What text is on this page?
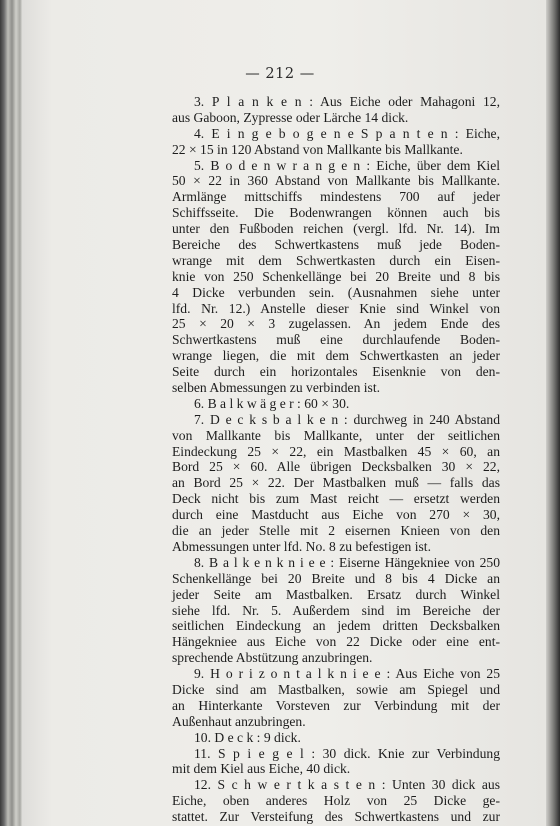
— 212 —
3. P l a n k e n : Aus Eiche oder Mahagoni 12,
aus Gaboon, Zypresse oder Lärche 14 dick.
4. E i n g e b o g e n e S p a n t e n : Eiche,
22 × 15 in 120 Abstand von Mallkante bis Mallkante.
5. B o d e n w r a n g e n : Eiche, über dem Kiel
50 × 22 in 360 Abstand von Mallkante bis Mallkante.
Armlänge mittschiffs mindestens 700 auf jeder
Schiffsseite. Die Bodenwrangen können auch bis
unter den Fußboden reichen (vergl. lfd. Nr. 14). Im
Bereiche des Schwertkastens muß jede Boden-
wrange mit dem Schwertkasten durch ein Eisen-
knie von 250 Schenkellänge bei 20 Breite und 8 bis
4 Dicke verbunden sein. (Ausnahmen siehe unter
lfd. Nr. 12.) Anstelle dieser Knie sind Winkel von
25 × 20 × 3 zugelassen. An jedem Ende des
Schwertkastens muß eine durchlaufende Boden-
wrange liegen, die mit dem Schwertkasten an jeder
Seite durch ein horizontales Eisenknie von den-
selben Abmessungen zu verbinden ist.
6. B a l k w ä g e r : 60 × 30.
7. D e c k s b a l k e n : durchweg in 240 Abstand
von Mallkante bis Mallkante, unter der seitlichen
Eindeckung 25 × 22, ein Mastbalken 45 × 60, an
Bord 25 × 60. Alle übrigen Decksbalken 30 × 22,
an Bord 25 × 22. Der Mastbalken muß — falls das
Deck nicht bis zum Mast reicht — ersetzt werden
durch eine Mastducht aus Eiche von 270 × 30,
die an jeder Stelle mit 2 eisernen Knieen von den
Abmessungen unter lfd. No. 8 zu befestigen ist.
8. B a l k e n k n i e e : Eiserne Hängekniee von 250
Schenkellänge bei 20 Breite und 8 bis 4 Dicke an
jeder Seite am Mastbalken. Ersatz durch Winkel
siehe lfd. Nr. 5. Außerdem sind im Bereiche der
seitlichen Eindeckung an jedem dritten Decksbalken
Hängekniee aus Eiche von 22 Dicke oder eine ent-
sprechende Abstützung anzubringen.
9. H o r i z o n t a l k n i e e : Aus Eiche von 25
Dicke sind am Mastbalken, sowie am Spiegel und
an Hinterkante Vorsteven zur Verbindung mit der
Außenhaut anzubringen.
10. D e c k : 9 dick.
11. S p i e g e l : 30 dick. Knie zur Verbindung
mit dem Kiel aus Eiche, 40 dick.
12. S c h w e r t k a s t e n : Unten 30 dick aus
Eiche, oben anderes Holz von 25 Dicke ge-
stattet. Zur Versteifung des Schwertkastens und zur
